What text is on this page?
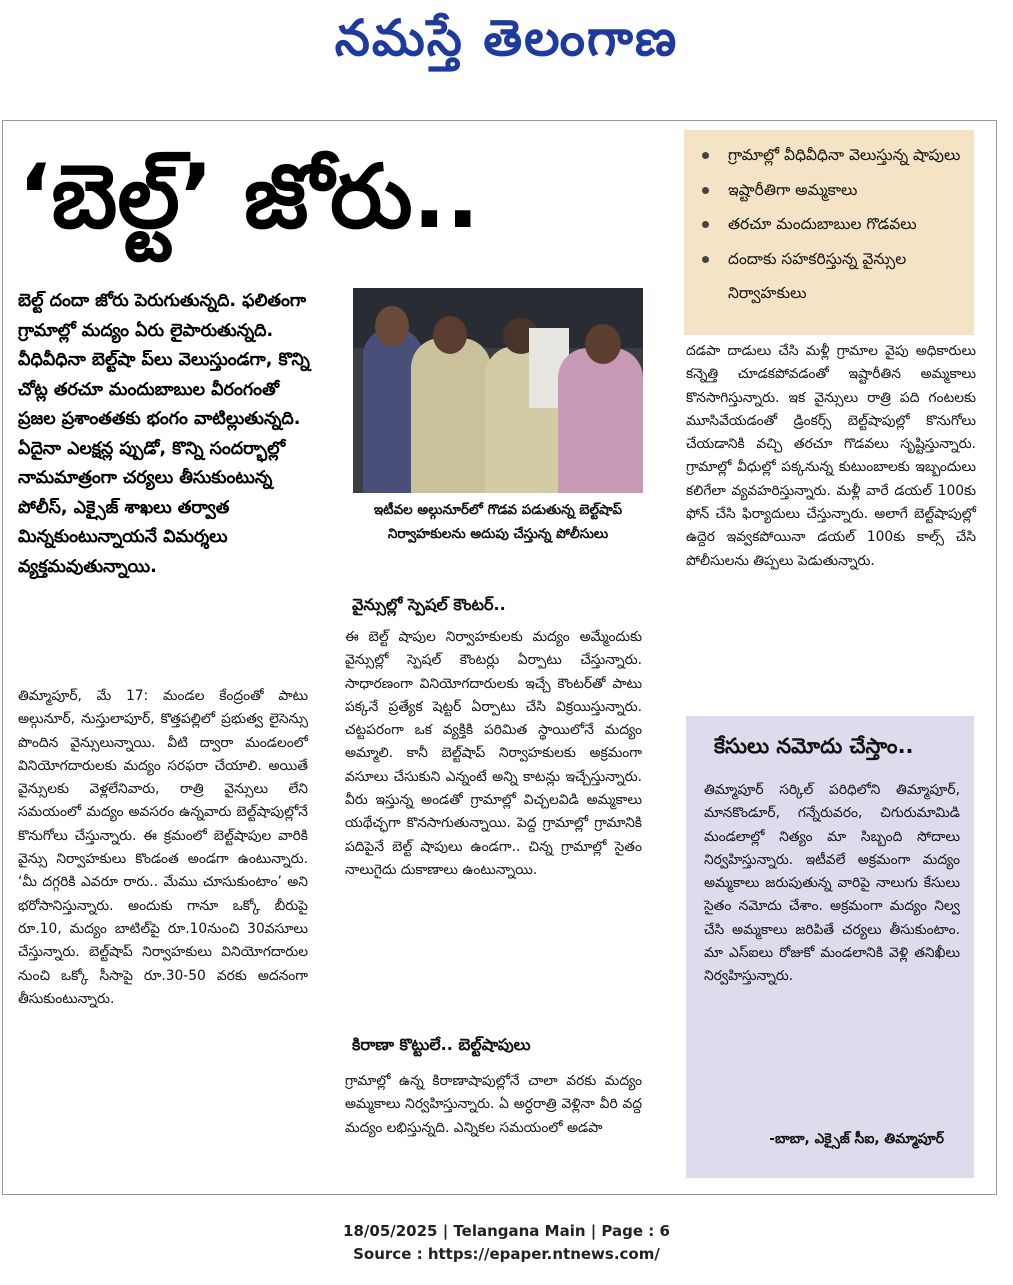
నమస్తే తెలంగాణ
‘బెల్ట్’ జోరు..
బెల్ట్ దందా జోరు పెరుగుతున్నది. ఫలితంగా గ్రామాల్లో మద్యం ఏరు లైపారుతున్నది. వీధివీధినా బెల్ట్‌షా ప్‌లు వెలుస్తుండగా, కొన్ని చోట్ల తరచూ మందుబాబుల వీరంగంతో ప్రజల ప్రశాంతతకు భంగం వాటిల్లుతున్నది. ఏదైనా ఎలక్షన్ల ప్పుడో, కొన్ని సందర్భాల్లో నామమాత్రంగా చర్యలు తీసుకుంటున్న పోలీస్, ఎక్సైజ్ శాఖలు తర్వాత మిన్నకుంటున్నాయనే విమర్శలు వ్యక్తమవుతున్నాయి.
తిమ్మాపూర్, మే 17: మండల కేంద్రంతో పాటు అల్గునూర్, నుస్తులాపూర్, కొత్తపల్లిలో ప్రభుత్వ లైసెన్సు పొందిన వైన్సులున్నాయి. వీటి ద్వారా మండలంలో వినియోగదారులకు మద్యం సరఫరా చేయాలి. అయితే వైన్సులకు వెళ్లలేనివారు, రాత్రి వైన్సులు లేని సమయంలో మద్యం అవసరం ఉన్నవారు బెల్ట్‌షాపుల్లోనే కొనుగోలు చేస్తున్నారు. ఈ క్రమంలో బెల్ట్‌షాపుల వారికి వైన్సు నిర్వాహకులు కొండంత అండగా ఉంటున్నారు. ‘మీ దగ్గరికి ఎవరూ రారు.. మేము చూసుకుంటాం’ అని భరోసానిస్తున్నారు. అందుకు గానూ ఒక్కో బీరుపై రూ.10, మద్యం బాటిల్‌పై రూ.10నుంచి 30వసూలు చేస్తున్నారు. బెల్ట్‌షాప్ నిర్వాహకులు వినియోగదారుల నుంచి ఒక్కో సీసాపై రూ.30-50 వరకు అదనంగా తీసుకుంటున్నారు.
ఇటీవల అల్గునూర్‌లో గొడవ పడుతున్న బెల్ట్‌షాప్ నిర్వాహకులను అదుపు చేస్తున్న పోలీసులు
వైన్సుల్లో స్పెషల్ కౌంటర్..
ఈ బెల్ట్ షాపుల నిర్వాహకులకు మద్యం అమ్మేందుకు వైన్సుల్లో స్పెషల్ కౌంటర్లు ఏర్పాటు చేస్తున్నారు. సాధారణంగా వినియోగదారులకు ఇచ్చే కౌంటర్‌తో పాటు పక్కనే ప్రత్యేక షెట్టర్ ఏర్పాటు చేసి విక్రయిస్తున్నారు. చట్టపరంగా ఒక వ్యక్తికి పరిమిత స్థాయిలోనే మద్యం అమ్మాలి. కానీ బెల్ట్‌షాప్ నిర్వాహకులకు అక్రమంగా వసూలు చేసుకుని ఎన్నంటే అన్ని కాటన్లు ఇచ్చేస్తున్నారు. వీరు ఇస్తున్న అండతో గ్రామాల్లో విచ్చలవిడి అమ్మకాలు యథేచ్ఛగా కొనసాగుతున్నాయి. పెద్ద గ్రామాల్లో గ్రామానికి పదిపైనే బెల్ట్ షాపులు ఉండగా.. చిన్న గ్రామాల్లో సైతం నాలుగైదు దుకాణాలు ఉంటున్నాయి.
కిరాణా కొట్టులే.. బెల్ట్‌షాపులు
గ్రామాల్లో ఉన్న కిరాణాషాపుల్లోనే చాలా వరకు మద్యం అమ్మకాలు నిర్వహిస్తున్నారు. ఏ అర్ధరాత్రి వెళ్లినా వీరి వద్ద మద్యం లభిస్తున్నది. ఎన్నికల సమయంలో అడపా
గ్రామాల్లో వీధివీధినా వెలుస్తున్న షాపులు
ఇష్టారీతిగా అమ్మకాలు
తరచూ మందుబాబుల గొడవలు
దందాకు సహకరిస్తున్న వైన్సుల నిర్వాహకులు
దడపా దాడులు చేసి మళ్లీ గ్రామాల వైపు అధికారులు కన్నెత్తి చూడకపోవడంతో ఇష్టారీతిన అమ్మకాలు కొనసాగిస్తున్నారు. ఇక వైన్సులు రాత్రి పది గంటలకు మూసివేయడంతో డ్రింకర్స్ బెల్ట్‌షాపుల్లో కొనుగోలు చేయడానికి వచ్చి తరచూ గొడవలు సృష్టిస్తున్నారు. గ్రామాల్లో వీధుల్లో పక్కనున్న కుటుంబాలకు ఇబ్బందులు కలిగేలా వ్యవహరిస్తున్నారు. మళ్లీ వారే డయల్ 100కు ఫోన్ చేసి ఫిర్యాదులు చేస్తున్నారు. అలాగే బెల్ట్‌షాపుల్లో ఉద్దెర ఇవ్వకపోయినా డయల్ 100కు కాల్స్ చేసి పోలీసులను తిప్పలు పెడుతున్నారు.
కేసులు నమోదు చేస్తాం..
తిమ్మాపూర్ సర్కిల్ పరిధిలోని తిమ్మాపూర్, మానకొండూర్, గన్నేరువరం, చిగురుమామిడి మండలాల్లో నిత్యం మా సిబ్బంది సోదాలు నిర్వహిస్తున్నారు. ఇటీవలే అక్రమంగా మద్యం అమ్మకాలు జరుపుతున్న వారిపై నాలుగు కేసులు సైతం నమోదు చేశాం. అక్రమంగా మద్యం నిల్వ చేసి అమ్మకాలు జరిపితే చర్యలు తీసుకుంటాం. మా ఎస్‌ఐలు రోజుకో మండలానికి వెళ్లి తనిఖీలు నిర్వహిస్తున్నారు.
-బాబా, ఎక్సైజ్ సీఐ, తిమ్మాపూర్
18/05/2025 | Telangana Main | Page : 6
Source : https://epaper.ntnews.com/
